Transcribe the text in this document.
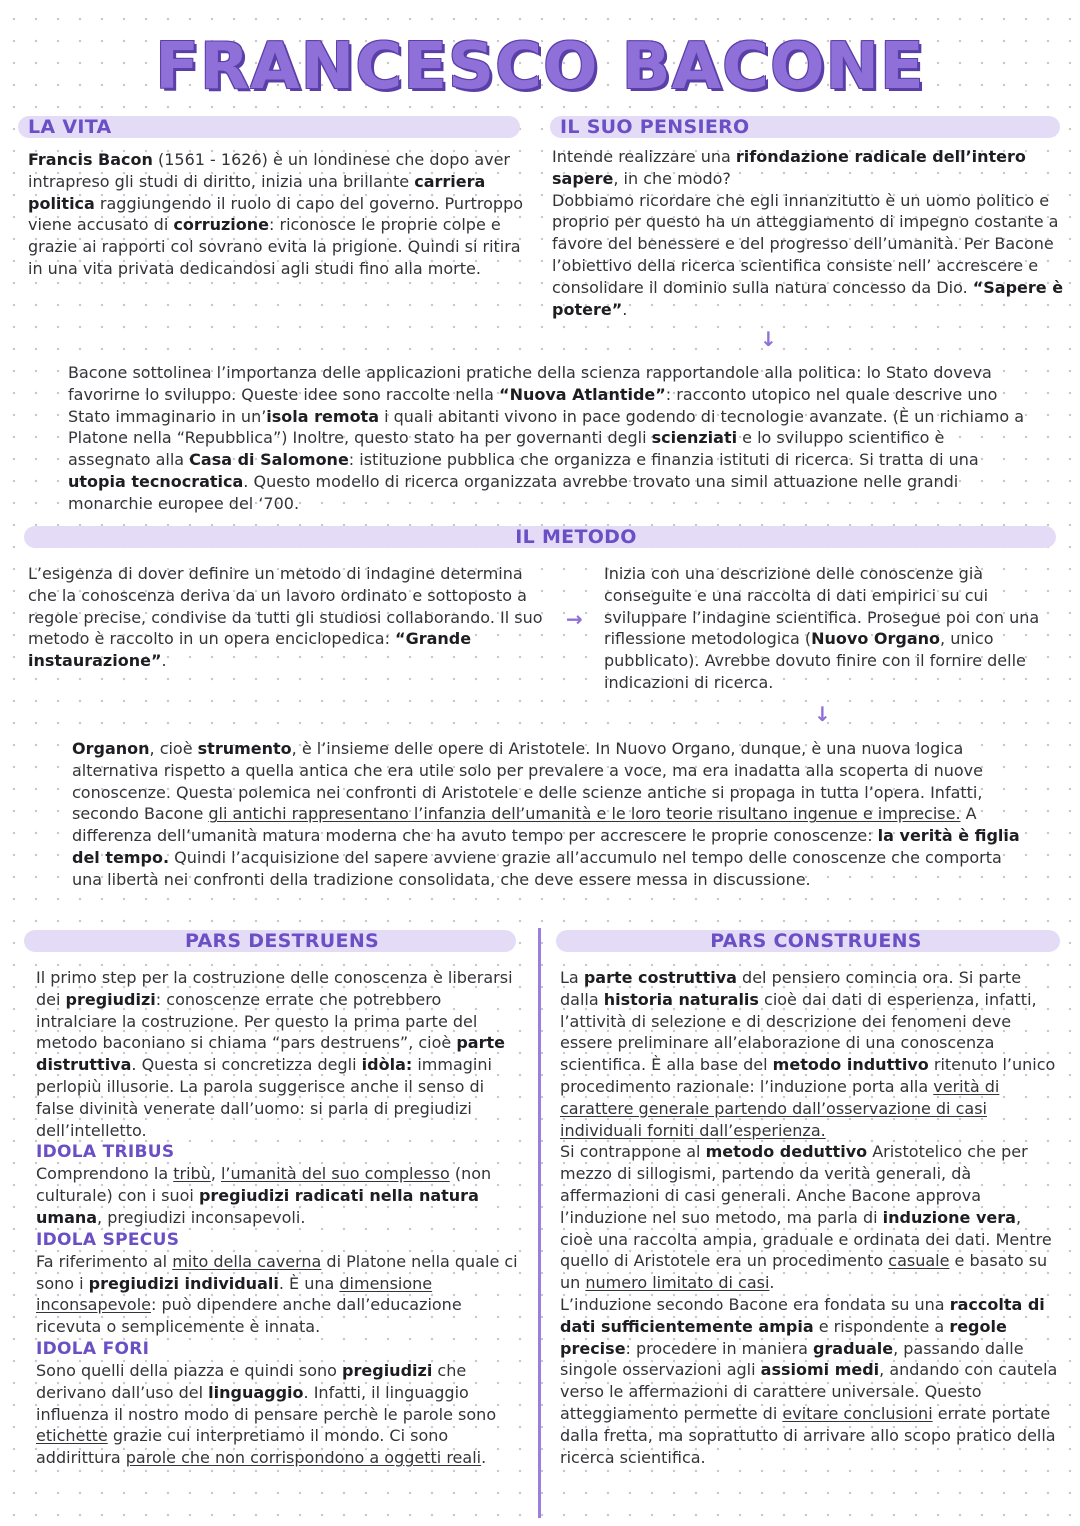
FRANCESCO BACONE
LA VITA
Francis Bacon (1561 - 1626) è un londinese che dopo aver intrapreso gli studi di diritto, inizia una brillante carriera politica raggiungendo il ruolo di capo del governo. Purtroppo viene accusato di corruzione: riconosce le proprie colpe e grazie ai rapporti col sovrano evita la prigione. Quindi si ritira in una vita privata dedicandosi agli studi fino alla morte.
IL SUO PENSIERO
Intende realizzare una rifondazione radicale dell’intero sapere, in che modo?
Dobbiamo ricordare che egli innanzitutto è un uomo politico e proprio per questo ha un atteggiamento di impegno costante a favore del benessere e del progresso dell’umanità. Per Bacone l’obiettivo della ricerca scientifica consiste nell’ accrescere e consolidare il dominio sulla natura concesso da Dio. “Sapere è potere”.
↓
Bacone sottolinea l’importanza delle applicazioni pratiche della scienza rapportandole alla politica: lo Stato doveva favorirne lo sviluppo. Queste idee sono raccolte nella “Nuova Atlantide”: racconto utopico nel quale descrive uno Stato immaginario in un’isola remota i quali abitanti vivono in pace godendo di tecnologie avanzate. (È un richiamo a Platone nella “Repubblica”) Inoltre, questo stato ha per governanti degli scienziati e lo sviluppo scientifico è assegnato alla Casa di Salomone: istituzione pubblica che organizza e finanzia istituti di ricerca. Si tratta di una utopia tecnocratica. Questo modello di ricerca organizzata avrebbe trovato una simil attuazione nelle grandi monarchie europee del ‘700.
IL METODO
L’esigenza di dover definire un metodo di indagine determina che la conoscenza deriva da un lavoro ordinato e sottoposto a regole precise, condivise da tutti gli studiosi collaborando. Il suo metodo è raccolto in un opera enciclopedica: “Grande instaurazione”.
→
Inizia con una descrizione delle conoscenze già conseguite e una raccolta di dati empirici su cui sviluppare l’indagine scientifica. Prosegue poi con una riflessione metodologica (Nuovo Organo, unico pubblicato). Avrebbe dovuto finire con il fornire delle indicazioni di ricerca.
↓
Organon, cioè strumento, è l’insieme delle opere di Aristotele. In Nuovo Organo, dunque, è una nuova logica alternativa rispetto a quella antica che era utile solo per prevalere a voce, ma era inadatta alla scoperta di nuove conoscenze. Questa polemica nei confronti di Aristotele e delle scienze antiche si propaga in tutta l’opera. Infatti, secondo Bacone gli antichi rappresentano l’infanzia dell’umanità e le loro teorie risultano ingenue e imprecise. A differenza dell’umanità matura moderna che ha avuto tempo per accrescere le proprie conoscenze: la verità è figlia del tempo. Quindi l’acquisizione del sapere avviene grazie all’accumulo nel tempo delle conoscenze che comporta una libertà nei confronti della tradizione consolidata, che deve essere messa in discussione.
PARS DESTRUENS
Il primo step per la costruzione delle conoscenza è liberarsi dei pregiudizi: conoscenze errate che potrebbero intralciare la costruzione. Per questo la prima parte del metodo baconiano si chiama “pars destruens”, cioè parte distruttiva. Questa si concretizza degli idòla: immagini perlopiù illusorie. La parola suggerisce anche il senso di false divinità venerate dall’uomo: si parla di pregiudizi dell’intelletto.
IDOLA TRIBUS
Comprendono la tribù, l’umanità del suo complesso (non culturale) con i suoi pregiudizi radicati nella natura umana, pregiudizi inconsapevoli.
IDOLA SPECUS
Fa riferimento al mito della caverna di Platone nella quale ci sono i pregiudizi individuali. È una dimensione inconsapevole: può dipendere anche dall’educazione ricevuta o semplicemente è innata.
IDOLA FORI
Sono quelli della piazza e quindi sono pregiudizi che derivano dall’uso del linguaggio. Infatti, il linguaggio influenza il nostro modo di pensare perchè le parole sono etichette grazie cui interpretiamo il mondo. Ci sono addirittura parole che non corrispondono a oggetti reali.
PARS CONSTRUENS
La parte costruttiva del pensiero comincia ora. Si parte dalla historia naturalis cioè dai dati di esperienza, infatti, l’attività di selezione e di descrizione dei fenomeni deve essere preliminare all’elaborazione di una conoscenza scientifica. È alla base del metodo induttivo ritenuto l’unico procedimento razionale: l’induzione porta alla verità di carattere generale partendo dall’osservazione di casi individuali forniti dall’esperienza.
Si contrappone al metodo deduttivo Aristotelico che per mezzo di sillogismi, partendo da verità generali, dà affermazioni di casi generali. Anche Bacone approva l’induzione nel suo metodo, ma parla di induzione vera, cioè una raccolta ampia, graduale e ordinata dei dati. Mentre quello di Aristotele era un procedimento casuale e basato su un numero limitato di casi.
L’induzione secondo Bacone era fondata su una raccolta di dati sufficientemente ampia e rispondente a regole precise: procedere in maniera graduale, passando dalle singole osservazioni agli assiomi medi, andando con cautela verso le affermazioni di carattere universale. Questo atteggiamento permette di evitare conclusioni errate portate dalla fretta, ma soprattutto di arrivare allo scopo pratico della ricerca scientifica.
